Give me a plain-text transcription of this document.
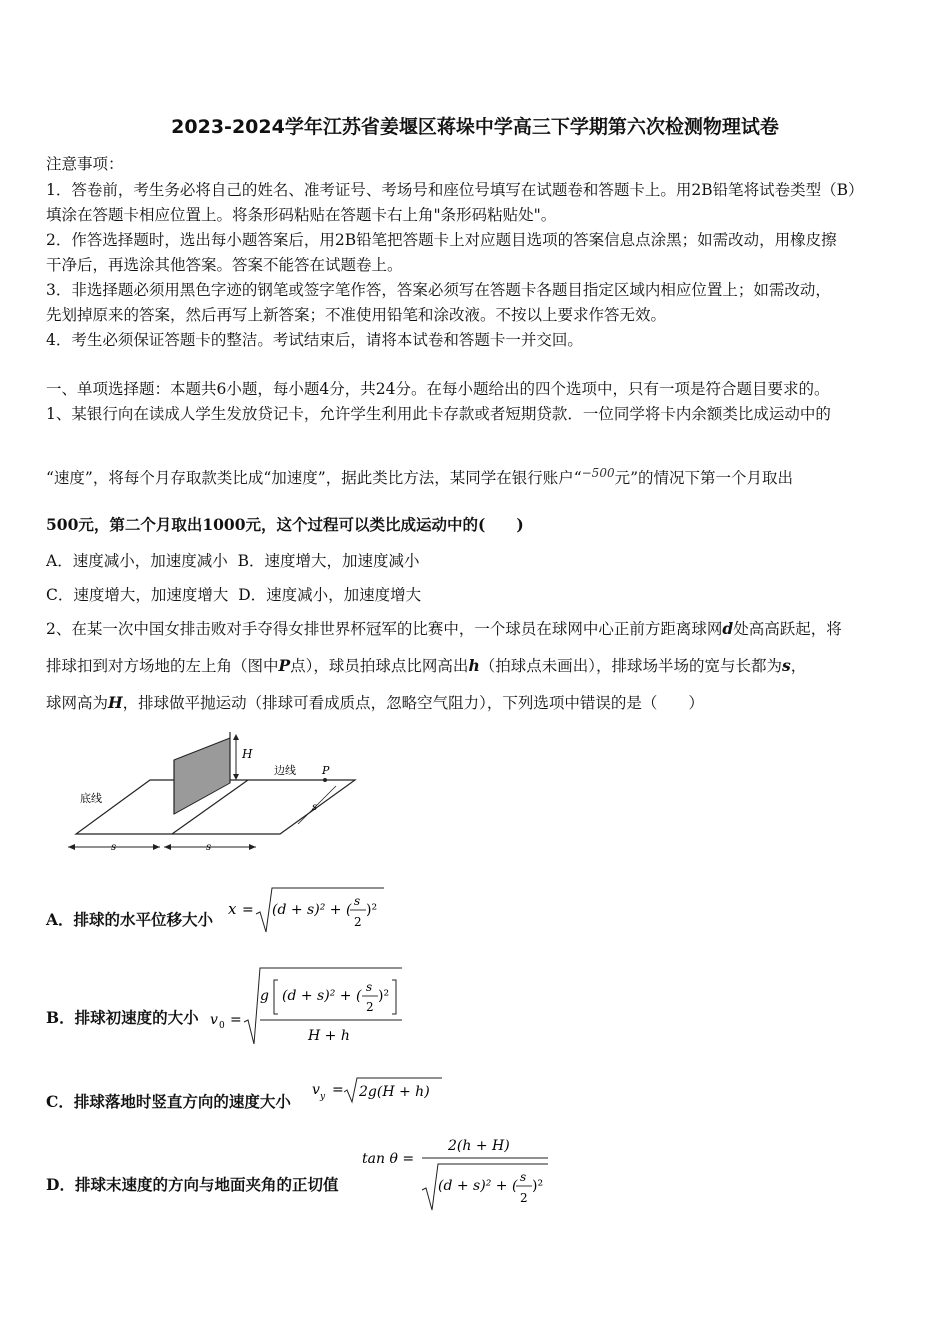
2023-2024学年江苏省姜堰区蒋垛中学高三下学期第六次检测物理试卷
注意事项：
1．答卷前，考生务必将自己的姓名、准考证号、考场号和座位号填写在试题卷和答题卡上。用2B铅笔将试卷类型（B）
填涂在答题卡相应位置上。将条形码粘贴在答题卡右上角"条形码粘贴处"。
2．作答选择题时，选出每小题答案后，用2B铅笔把答题卡上对应题目选项的答案信息点涂黑；如需改动，用橡皮擦
干净后，再选涂其他答案。答案不能答在试题卷上。
3．非选择题必须用黑色字迹的钢笔或签字笔作答，答案必须写在答题卡各题目指定区域内相应位置上；如需改动，
先划掉原来的答案，然后再写上新答案；不准使用铅笔和涂改液。不按以上要求作答无效。
4．考生必须保证答题卡的整洁。考试结束后，请将本试卷和答题卡一并交回。
一、单项选择题：本题共6小题，每小题4分，共24分。在每小题给出的四个选项中，只有一项是符合题目要求的。
1、某银行向在读成人学生发放贷记卡，允许学生利用此卡存款或者短期贷款．一位同学将卡内余额类比成运动中的
“速度”，将每个月存取款类比成“加速度”，据此类比方法，某同学在银行账户“$^{-500}$元”的情况下第一个月取出
500元，第二个月取出1000元，这个过程可以类比成运动中的(　　)
A．速度减小，加速度减小 B．速度增大，加速度减小
C．速度增大，加速度增大 D．速度减小，加速度增大
2、在某一次中国女排击败对手夺得女排世界杯冠军的比赛中，一个球员在球网中心正前方距离球网d处高高跃起，将
排球扣到对方场地的左上角（图中P点），球员拍球点比网高出h（拍球点未画出），排球场半场的宽与长都为s，
球网高为H，排球做平抛运动（排球可看成质点，忽略空气阻力），下列选项中错误的是（　　）
H
边线 P
底线
s
s	s
A．排球的水平位移大小
x = (d + s)² + (
s
2
)²
B．排球初速度的大小 v 0 =
g (d + s)² + (
s
2
)²
H + h
C．排球落地时竖直方向的速度大小
v y = 2g(H + h)
D．排球末速度的方向与地面夹角的正切值
tan θ =
2(h + H)
(d + s)² + (
s
2
)²
